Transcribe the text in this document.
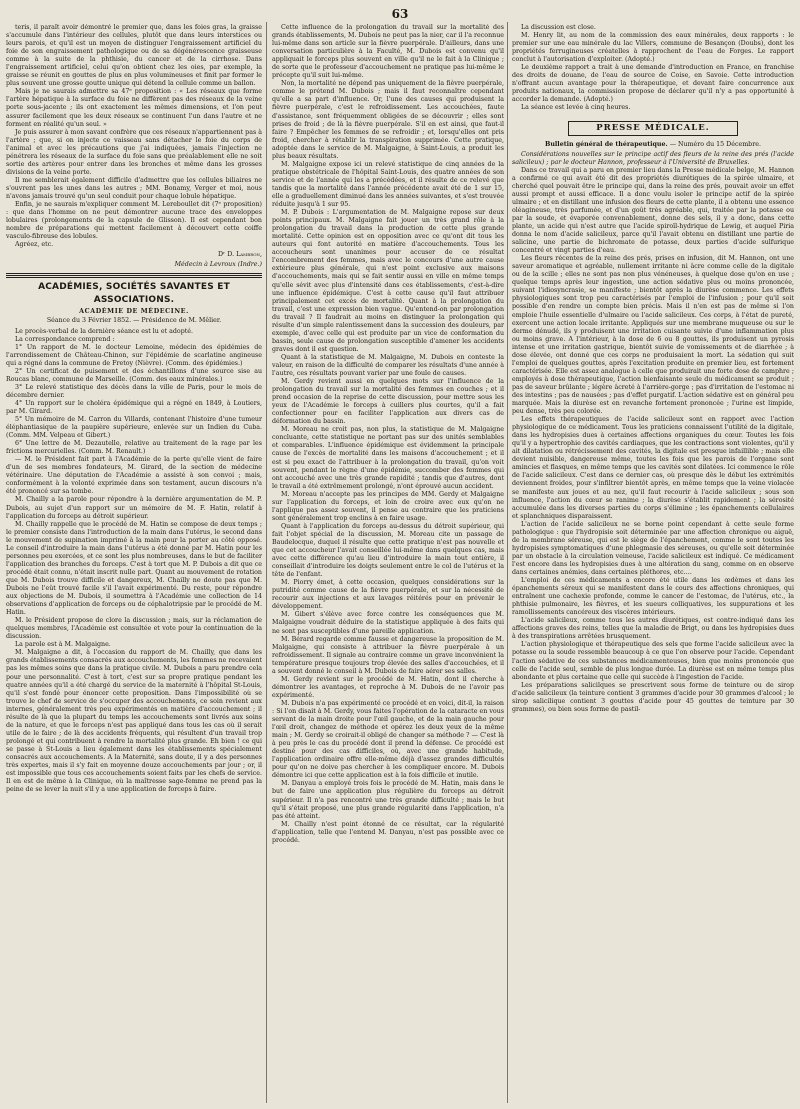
63

teris, il paraît avoir démontré le premier que, dans les foies gras, la graisse s'accumule dans l'intérieur des cellules, plutôt que dans leurs interstices ou leurs parois, et qu'il est un moyen de distinguer l'engraissement artificiel du foie de son engraissement pathologique ou de sa dégénérescence graisseuse comme à la suite de la phthisie, du cancer et de la cirrhose. Dans l'engraissement artificiel, celui qu'on obtient chez les oies, par exemple, la graisse se réunit en gouttes de plus en plus volumineuses et finit par former le plus souvent une grosse goutte unique qui détend la cellule comme un ballon.

Mais je ne saurais admettre sa 47ᵉ proposition : « Les réseaux que forme l'artère hépatique à la surface du foie ne diffèrent pas des réseaux de la veine porte sous-jacente ; ils ont exactement les mêmes dimensions, et l'on peut assurer facilement que les deux réseaux se continuent l'un dans l'autre et ne forment en réalité qu'un seul. »

Je puis assurer à mon savant confrère que ces réseaux n'appartiennent pas à l'artère ; que, si on injecte ce vaisseau sans détacher le foie du corps de l'animal et avec les précautions que j'ai indiquées, jamais l'injection ne pénétrera les réseaux de la surface du foie sans que préalablement elle ne soit sortie des artères pour entrer dans les bronches et même dans les grosses divisions de la veine porte.

Il me semblerait également difficile d'admettre que les cellules biliaires ne s'ouvrent pas les unes dans les autres ; MM. Bonamy, Verger et moi, nous n'avons jamais trouvé qu'un seul conduit pour chaque lobule hépatique.

Enfin, je ne saurais m'expliquer comment M. Lereboullet dit (7ᵉ proposition) : que dans l'homme on ne peut démontrer aucune trace des enveloppes lobulaires (prolongements de la capsule de Glisson). Il est cependant bon nombre de préparations qui mettent facilement à découvert cette coiffe vasculo-fibreuse des lobules.

Agréez, etc.

Dʳ D. Lambron,

Médecin à Levroux (Indre.)

ACADÉMIES, SOCIÉTÉS SAVANTES ET ASSOCIATIONS.
ACADÉMIE DE MÉDECINE.
Séance du 3 Février 1852. — Présidence de M. Mêlier.

Le procès-verbal de la dernière séance est lu et adopté.

La correspondance comprend :

1° Un rapport de M. le docteur Lemoine, médecin des épidémies de l'arrondissement de Château-Chinon, sur l'épidémie de scarlatine angineuse qui a régné dans la commune de Fretoy (Nièvre). (Comm. des épidémies.)

2° Un certificat de puisement et des échantillons d'une source sise au Roucas blanc, commune de Marseille. (Comm. des eaux minérales.)

3° Le relevé statistique des décès dans la ville de Paris, pour le mois de décembre dernier.

4° Un rapport sur le choléra épidémique qui a régné en 1849, à Loutiers, par M. Girard.

5° Un mémoire de M. Carron du Villards, contenant l'histoire d'une tumeur éléphantiasique de la paupière supérieure, enlevée sur un Indien du Cuba. (Comm. MM. Velpeau et Gibert.)

6° Une lettre de M. Dezautelle, relative au traitement de la rage par les frictions mercurielles. (Comm. M. Renault.)

— M. le Président fait part à l'Académie de la perte qu'elle vient de faire d'un de ses membres fondateurs, M. Girard, de la section de médecine vétérinaire. Une députation de l'Académie a assisté à son convoi ; mais, conformément à la volonté exprimée dans son testament, aucun discours n'a été prononcé sur sa tombe.

M. Chailly a la parole pour répondre à la dernière argumentation de M. P. Dubois, au sujet d'un rapport sur un mémoire de M. F. Hatin, relatif à l'application du forceps au détroit supérieur.

M. Chailly rappelle que le procédé de M. Hatin se compose de deux temps ; le premier consiste dans l'introduction de la main dans l'utérus, le second dans le mouvement de supination imprimé à la main pour la porter au côté opposé. Le conseil d'introduire la main dans l'utérus a été donné par M. Hatin pour les personnes peu exercées, et ce sont les plus nombreuses, dans le but de faciliter l'application des branches du forceps. C'est à tort que M. P. Dubois a dit que ce procédé était connu, n'était inscrit nulle part. Quant au mouvement de rotation que M. Dubois trouve difficile et dangereux, M. Chailly ne doute pas que M. Dubois ne l'eût trouvé facile s'il l'avait expérimenté. Du reste, pour répondre aux objections de M. Dubois, il soumettra à l'Académie une collection de 14 observations d'application de forceps ou de céphalotripsie par le procédé de M. Hatin.

M. le Président propose de clore la discussion ; mais, sur la réclamation de quelques membres, l'Académie est consultée et vote pour la continuation de la discussion.

La parole est à M. Malgaigne.

M. Malgaigne a dit, à l'occasion du rapport de M. Chailly, que dans les grands établissements consacrés aux accouchements, les femmes ne recevaient pas les mêmes soins que dans la pratique civile. M. Dubois a paru prendre cela pour une personnalité. C'est à tort, c'est sur sa propre pratique pendant les quatre années qu'il a été chargé du service de la maternité à l'hôpital St-Louis, qu'il s'est fondé pour énoncer cette proposition. Dans l'impossibilité où se trouve le chef de service de s'occuper des accouchements, ce soin revient aux internes, généralement très peu expérimentés en matière d'accouchement ; il résulte de là que la plupart du temps les accouchements sont livrés aux soins de la nature, et que le forceps n'est pas appliqué dans tous les cas où il serait utile de le faire ; de là des accidents fréquents, qui résultent d'un travail trop prolongé et qui contribuent à rendre la mortalité plus grande. Eh bien ! ce qui se passe à St-Louis a lieu également dans les établissements spécialement consacrés aux accouchements. A la Maternité, sans doute, il y a des personnes très expertes, mais il s'y fait en moyenne douze accouchements par jour ; or, il est impossible que tous ces accouchements soient faits par les chefs de service. Il en est de même à la Clinique, où la maîtresse sage-femme ne prend pas la peine de se lever la nuit s'il y a une application de forceps à faire.

Cette influence de la prolongation du travail sur la mortalité des grands établissements, M. Dubois ne peut pas la nier, car il l'a reconnue lui-même dans son article sur la fièvre puerpérale. D'ailleurs, dans une conversation particulière à la Faculté, M. Dubois est convenu qu'il appliquait le forceps plus souvent en ville qu'il ne le fait à la Clinique ; de sorte que le professeur d'accouchement ne pratique pas lui-même le précepte qu'il suit lui-même.

Non, la mortalité ne dépend pas uniquement de la fièvre puerpérale, comme le prétend M. Dubois ; mais il faut reconnaître cependant qu'elle a sa part d'influence. Or, l'une des causes qui produisent la fièvre puerpérale, c'est le refroidissement. Les accouchées, faute d'assistance, sont fréquemment obligées de se découvrir ; elles sont prises de froid ; de là la fièvre puerpérale. S'il en est ainsi, que faut-il faire ? Empêcher les femmes de se refroidir ; et, lorsqu'elles ont pris froid, chercher à rétablir la transpiration supprimée. Cette pratique, adoptée dans le service de M. Malgaigne, à Saint-Louis, a produit les plus beaux résultats.

M. Malgaigne expose ici un relevé statistique de cinq années de la pratique obstétricale de l'hôpital Saint-Louis, des quatre années de son service et de l'année qui les a précédées, et il résulte de ce relevé que tandis que la mortalité dans l'année précédente avait été de 1 sur 15, elle a graduellement diminué dans les années suivantes, et s'est trouvée réduite jusqu'à 1 sur 95.

M. P. Dubois : L'argumentation de M. Malgaigne repose sur deux points principaux. M. Malgaigne fait jouer un très grand rôle à la prolongation du travail dans la production de cette plus grande mortalité. Cette opinion est en opposition avec ce qu'ont dit tous les auteurs qui font autorité en matière d'accouchements. Tous les accoucheurs sont unanimes pour accuser de ce résultat l'encombrement des femmes, mais avec le concours d'une autre cause extérieure plus générale, qui n'est point exclusive aux maisons d'accouchements, mais qui se fait sentir aussi en ville en même temps qu'elle sévit avec plus d'intensité dans ces établissements, c'est-à-dire une influence épidémique. C'est à cette cause qu'il faut attribuer principalement cet excès de mortalité. Quant à la prolongation du travail, c'est une expression bien vague. Qu'entend-on par prolongation du travail ? Il faudrait au moins en distinguer la prolongation qui résulte d'un simple ralentissement dans la succession des douleurs, par exemple, d'avec celle qui est produite par un vice de conformation du bassin, seule cause de prolongation susceptible d'amener les accidents graves dont il est question.

Quant à la statistique de M. Malgaigne, M. Dubois en conteste la valeur, en raison de la difficulté de comparer les résultats d'une année à l'autre, ces résultats pouvant varier par une foule de causes.

M. Gerdy revient aussi en quelques mots sur l'influence de la prolongation du travail sur la mortalité des femmes en couches ; et il prend occasion de la reprise de cette discussion, pour mettre sous les yeux de l'Académie le forceps à cuillers plus courtes, qu'il a fait confectionner pour en faciliter l'application aux divers cas de déformation du bassin.

M. Moreau ne croit pas, non plus, la statistique de M. Malgaigne concluante, cette statistique ne portant pas sur des unités semblables et comparables. L'influence épidémique est évidemment la principale cause de l'excès de mortalité dans les maisons d'accouchement ; et il est si peu exact de l'attribuer à la prolongation du travail, qu'on voit souvent, pendant le règne d'une épidémie, succomber des femmes qui ont accouché avec une très grande rapidité ; tandis que d'autres, dont le travail a été extrêmement prolongé, n'ont éprouvé aucun accident.

M. Moreau n'accepte pas les principes de MM. Gerdy et Malgaigne sur l'application du forceps, et loin de croire avec eux qu'on ne l'applique pas assez souvent, il pense au contraire que les praticiens sont généralement trop enclins à en faire usage.

Quant à l'application du forceps au-dessus du détroit supérieur, qui fait l'objet spécial de la discussion, M. Moreau cite un passage de Baudelocque, duquel il résulte que cette pratique n'est pas nouvelle et que cet accoucheur l'avait conseillée lui-même dans quelques cas, mais avec cette différence qu'au lieu d'introduire la main tout entière, il conseillait d'introduire les doigts seulement entre le col de l'utérus et la tête de l'enfant.

M. Piorry émet, à cette occasion, quelques considérations sur la putridité comme cause de la fièvre puerpérale, et sur la nécessité de recourir aux injections et aux lavages réitérés pour en prévenir le développement.

M. Gibert s'élève avec force contre les conséquences que M. Malgaigne voudrait déduire de la statistique appliquée à des faits qui ne sont pas susceptibles d'une pareille application.

M. Bérard regarde comme fausse et dangereuse la proposition de M. Malgaigne, qui consiste à attribuer la fièvre puerpérale à un refroidissement. Il signale au contraire comme un grave inconvénient la température presque toujours trop élevée des salles d'accouchées, et il a souvent donné le conseil à M. Dubois de faire aérer ses salles.

M. Gerdy revient sur le procédé de M. Hatin, dont il cherche à démontrer les avantages, et reproche à M. Dubois de ne l'avoir pas expérimenté.

M. Dubois n'a pas expérimenté ce procédé et en voici, dit-il, la raison : Si l'on disait à M. Gerdy, vous faites l'opération de la cataracte en vous servant de la main droite pour l'œil gauche, et de la main gauche pour l'œil droit, changez de méthode et opérez les deux yeux de la même main ; M. Gerdy se croirait-il obligé de changer sa méthode ? — C'est là à peu près le cas du procédé dont il prend la défense. Ce procédé est destiné pour des cas difficiles, où, avec une grande habitude, l'application ordinaire offre elle-même déjà d'assez grandes difficultés pour qu'on ne doive pas chercher à les compliquer encore. M. Dubois démontre ici que cette application est à la fois difficile et inutile.

M. Danyau a employé trois fois le procédé de M. Hatin, mais dans le but de faire une application plus régulière du forceps au détroit supérieur. Il n'a pas rencontré une très grande difficulté ; mais le but qu'il s'était proposé, une plus grande régularité dans l'application, n'a pas été atteint.

M. Chailly n'est point étonné de ce résultat, car la régularité d'application, telle que l'entend M. Danyau, n'est pas possible avec ce procédé.

La discussion est close.

M. Henry lit, au nom de la commission des eaux minérales, deux rapports : le premier sur une eau minérale du lac Villers, commune de Besançon (Doubs), dont les propriétés ferrugineuses créatelles à rapprochent de l'eau de Forges. Le rapport conclut à l'autorisation d'exploiter. (Adopté.)

Le deuxième rapport a trait à une demande d'introduction en France, en franchise des droits de douane, de l'eau de source de Coise, en Savoie. Cette introduction n'offrant aucun avantage pour la thérapeutique, et devant faire concurrence aux produits nationaux, la commission propose de déclarer qu'il n'y a pas opportunité à accorder la demande. (Adopté.)

La séance est levée à cinq heures.

PRESSE MÉDICALE.
Bulletin général de thérapeutique. — Numéro du 15 Décembre.

Considérations nouvelles sur le principe actif des fleurs de la reine des prés (l'acide salicileux) ; par le docteur Hannon, professeur à l'Université de Bruxelles.

Dans ce travail qui a paru en premier lieu dans la Presse médicale belge, M. Hannon a confirmé ce qui avait été dit des propriétés diurétiques de la spirée ulmaire, et cherché quel pouvait être le principe qui, dans la reine des prés, pouvait avoir un effet aussi prompt et aussi efficace. Il a donc voulu isoler le principe actif de la spirée ulmaire ; et en distillant une infusion des fleurs de cette plante, il a obtenu une essence oléagineuse, très parfumée, et d'un goût très agréable, qui, traitée par la potasse ou par la soude, et évaporée convenablement, donne des sels, il y a donc, dans cette plante, un acide qui n'est autre que l'acide spiroïl-hydrique de Lewig, et auquel Piria donna le nom d'acide salicileux, parce qu'il l'avait obtenu en distillant une partie de salicine, une partie de bichromate de potasse, deux parties d'acide sulfurique concentré et vingt parties d'eau.

Les fleurs récentes de la reine des prés, prises en infusion, dit M. Hannon, ont une saveur aromatique et agréable, nullement irritante ni âcre comme celle de la digitale ou de la scille ; elles ne sont pas non plus vénéneuses, à quelque dose qu'on en use ; quelque temps après leur ingestion, une action sédative plus ou moins prononcée, suivant l'idiosyncrasie, se manifeste ; bientôt après la diurèse commence. Les effets physiologiques sont trop peu caractérisés par l'emploi de l'infusion ; pour qu'il soit possible d'en rendre un compte bien précis. Mais il n'en est pas de même si l'on emploie l'huile essentielle d'ulmaire ou l'acide salicileux. Ces corps, à l'état de pureté, exercent une action locale irritante. Appliqués sur une membrane muqueuse ou sur le derme dénudé, ils y produisent une irritation cuisante suivie d'une inflammation plus ou moins grave. A l'intérieur, à la dose de 6 ou 8 gouttes, ils produisent un pyrosis intense et une irritation gastrique, bientôt suivie de vomissements et de diarrhée ; à dose élevée, ont donné que ces corps ne produisaient la mort. La sédation qui suit l'emploi de quelques gouttes, après l'excitation produite en premier lieu, est fortement caractérisée. Elle est assez analogue à celle que produirait une forte dose de camphre ; employés à dose thérapeutique, l'action bienfaisante seule du médicament se produit ; pas de saveur brûlante ; légère âcreté à l'arrière-gorge ; pas d'irritation de l'estomac ni des intestins ; pas de nausées ; pas d'effet purgatif. L'action sédative est en général peu marquée. Mais la diurèse est en revanche fortement prononcée ; l'urine est limpide, peu dense, très peu colorée.

Les effets thérapeutiques de l'acide salicileux sont en rapport avec l'action physiologique de ce médicament. Tous les praticiens connaissent l'utilité de la digitale, dans les hydropisies dues à certaines affections organiques du cœur. Toutes les fois qu'il y a hypertrophie des cavités cardiaques, que les contractions sont violentes, qu'il y ait dilatation ou rétrécissement des cavités, la digitale est presque infaillible ; mais elle devient nuisible, dangereuse même, toutes les fois que les parois de l'organe sont amincies et flasques, en même temps que les cavités sont dilatées. Ici commence le rôle de l'acide salicileux. C'est dans ce dernier cas, où presque dès le début les extrémités deviennent froides, pour s'infiltrer bientôt après, en même temps que la veine violacée se manifeste aux joues et au nez, qu'il faut recourir à l'acide salicileux ; sous son influence, l'action du cœur se ranime ; la diurèse s'établit rapidement ; la sérosité accumulée dans les diverses parties du corps s'élimine ; les épanchements cellulaires et splanchniques disparaissent.

L'action de l'acide salicileux ne se borne point cependant à cette seule forme pathologique : que l'hydropisie soit déterminée par une affection chronique ou aiguë, de la membrane séreuse, qui est le siège de l'épanchement, comme le sont toutes les hydropisies symptomatiques d'une phlegmasie des séreuses, ou qu'elle soit déterminée par un obstacle à la circulation veineuse, l'acide salicileux est indiqué. Ce médicament l'est encore dans les hydropisies dues à une altération du sang, comme on en observe dans certaines anémies, dans certaines pléthores, etc.…

L'emploi de ces médicaments a encore été utile dans les œdèmes et dans les épanchements séreux qui se manifestent dans le cours des affections chroniques, qui entraînent une cachexie profonde, comme le cancer de l'estomac, de l'utérus, etc., la phthisie pulmonaire, les fièvres, et les sueurs colliquatives, les suppurations et les ramollissements cancéreux des viscères intérieurs.

L'acide salicileux, comme tous les autres diurétiques, est contre-indiqué dans les affections graves des reins, telles que la maladie de Brigt, ou dans les hydropisies dues à des transpirations arrêtées brusquement.

L'action physiologique et thérapeutique des sels que forme l'acide salicileux avec la potasse ou la soude ressemble beaucoup à ce que l'on observe pour l'acide. Cependant l'action sédative de ces substances médicamenteuses, bien que moins prononcée que celle de l'acide seul, semble de plus longue durée. La diurèse est en même temps plus abondante et plus certaine que celle qui succède à l'ingestion de l'acide.

Les préparations salicilques se prescrivent sous forme de teinture ou de sirop d'acide salicileux (la teinture contient 3 grammes d'acide pour 30 grammes d'alcool ; le sirop salicilique contient 3 gouttes d'acide pour 45 gouttes de teinture par 30 grammes), ou bien sous forme de pastil-
